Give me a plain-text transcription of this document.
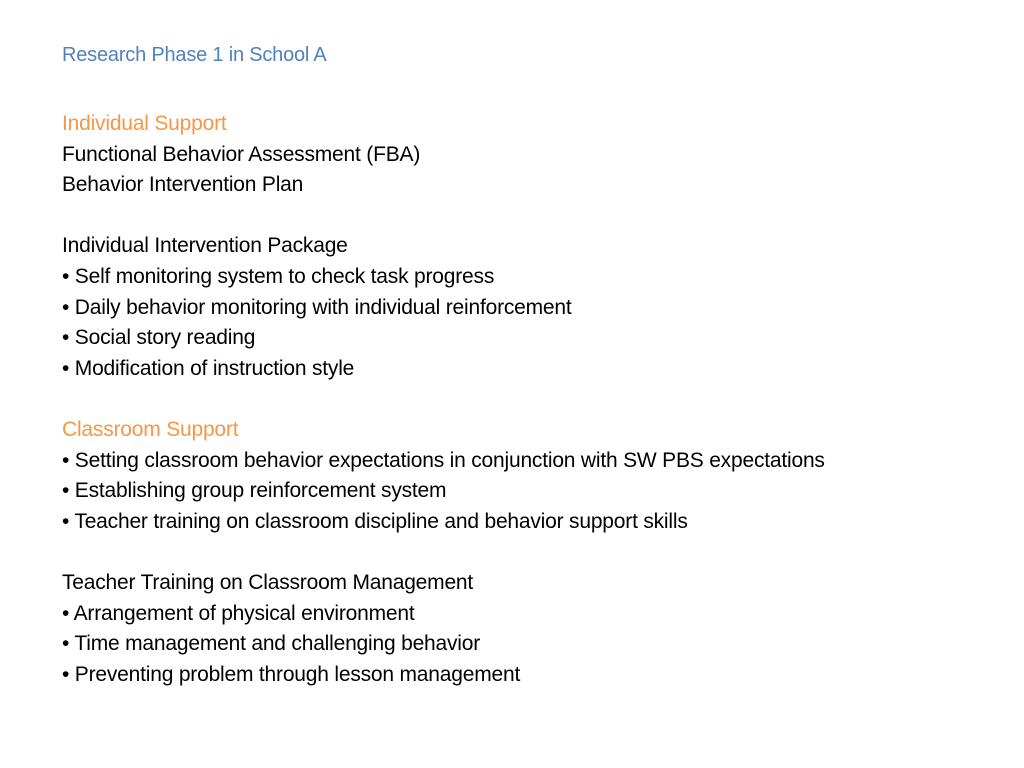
Research Phase 1 in School A
Individual Support
Functional Behavior Assessment (FBA)
Behavior Intervention Plan
Individual Intervention Package
• Self monitoring system to check task progress
• Daily behavior monitoring with individual reinforcement
• Social story reading
• Modification of instruction style
Classroom Support
• Setting classroom behavior expectations in conjunction with SW PBS expectations
• Establishing group reinforcement system
• Teacher training on classroom discipline and behavior support skills
Teacher Training on Classroom Management
• Arrangement of physical environment
• Time management and challenging behavior
• Preventing problem through lesson management
